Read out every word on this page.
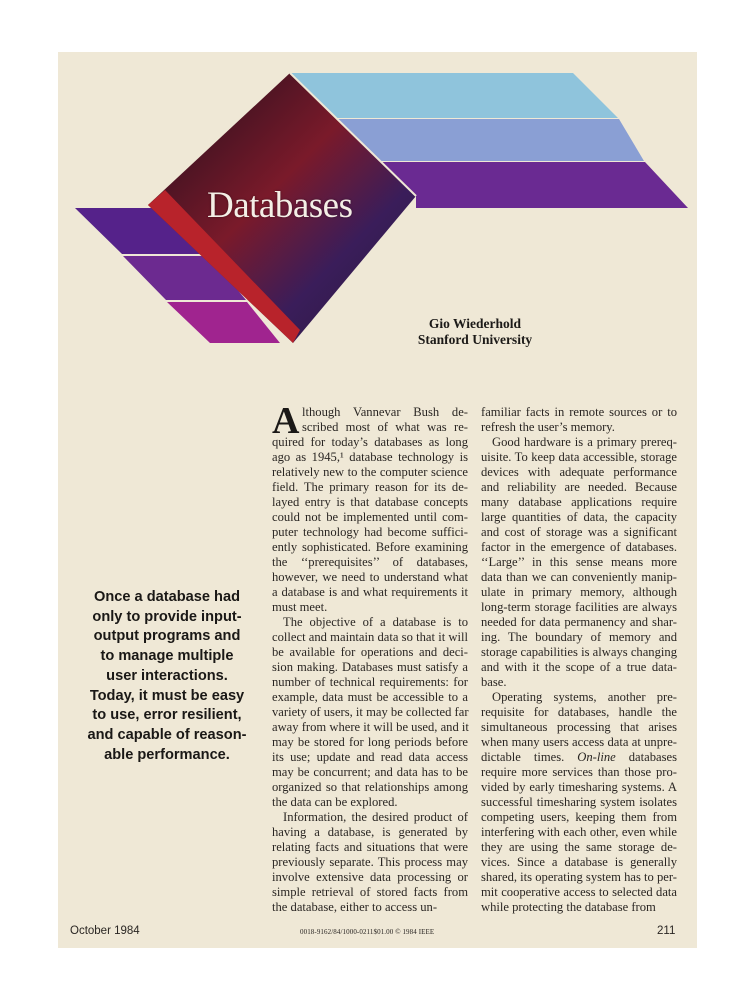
Databases
Gio Wiederhold
Stanford University
Once a database had
only to provide input-
output programs and
to manage multiple
user interactions.
Today, it must be easy
to use, error resilient,
and capable of reason-
able performance.
A lthough Vannevar Bush de-
scribed most of what was re-
quired for today’s databases as long
ago as 1945,¹ database technology is
relatively new to the computer science
field. The primary reason for its de-
layed entry is that database concepts
could not be implemented until com-
puter technology had become suffici-
ently sophisticated. Before examining
the ‘‘prerequisites’’ of databases,
however, we need to understand what
a database is and what requirements it
must meet.
The objective of a database is to
collect and maintain data so that it will
be available for operations and deci-
sion making. Databases must satisfy a
number of technical requirements: for
example, data must be accessible to a
variety of users, it may be collected far
away from where it will be used, and it
may be stored for long periods before
its use; update and read data access
may be concurrent; and data has to be
organized so that relationships among
the data can be explored.
Information, the desired product of
having a database, is generated by
relating facts and situations that were
previously separate. This process may
involve extensive data processing or
simple retrieval of stored facts from
the database, either to access un-
familiar facts in remote sources or to
refresh the user’s memory.
Good hardware is a primary prereq-
uisite. To keep data accessible, storage
devices with adequate performance
and reliability are needed. Because
many database applications require
large quantities of data, the capacity
and cost of storage was a significant
factor in the emergence of databases.
‘‘Large’’ in this sense means more
data than we can conveniently manip-
ulate in primary memory, although
long-term storage facilities are always
needed for data permanency and shar-
ing. The boundary of memory and
storage capabilities is always changing
and with it the scope of a true data-
base.
Operating systems, another pre-
requisite for databases, handle the
simultaneous processing that arises
when many users access data at unpre-
dictable times. On-line databases
require more services than those pro-
vided by early timesharing systems. A
successful timesharing system isolates
competing users, keeping them from
interfering with each other, even while
they are using the same storage de-
vices. Since a database is generally
shared, its operating system has to per-
mit cooperative access to selected data
while protecting the database from
October 1984	0018-9162/84/1000-0211$01.00 © 1984 IEEE	211
